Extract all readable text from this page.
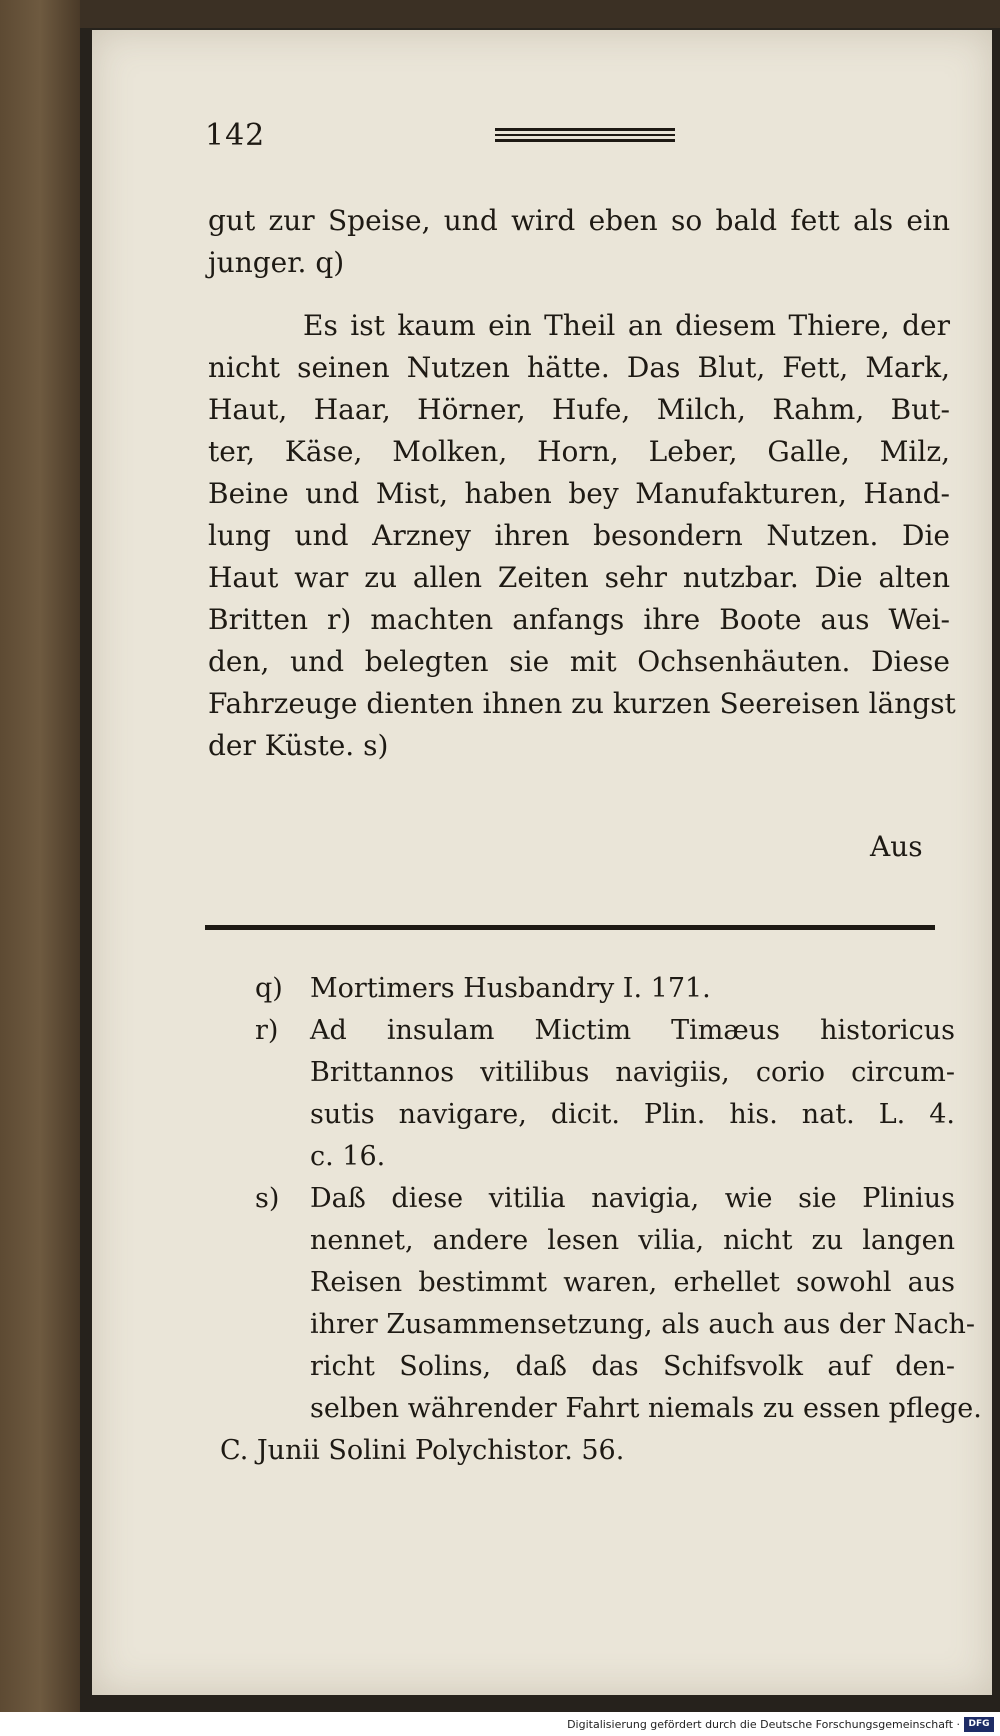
142
gut zur Speise, und wird eben so bald fett als ein
junger. q)
Es ist kaum ein Theil an diesem Thiere, der
nicht seinen Nutzen hätte. Das Blut, Fett, Mark,
Haut, Haar, Hörner, Hufe, Milch, Rahm, But-
ter, Käse, Molken, Horn, Leber, Galle, Milz,
Beine und Mist, haben bey Manufakturen, Hand-
lung und Arzney ihren besondern Nutzen. Die
Haut war zu allen Zeiten sehr nutzbar. Die alten
Britten r) machten anfangs ihre Boote aus Wei-
den, und belegten sie mit Ochsenhäuten. Diese
Fahrzeuge dienten ihnen zu kurzen Seereisen längst
der Küste. s)
Aus
q) Mortimers Husbandry I. 171.
r) Ad insulam Mictim Timæus historicus
Brittannos vitilibus navigiis, corio circum-
sutis navigare, dicit. Plin. his. nat. L. 4.
c. 16.
s) Daß diese vitilia navigia, wie sie Plinius
nennet, andere lesen vilia, nicht zu langen
Reisen bestimmt waren, erhellet sowohl aus
ihrer Zusammensetzung, als auch aus der Nach-
richt Solins, daß das Schifsvolk auf den-
selben währender Fahrt niemals zu essen pflege.
C. Junii Solini Polychistor. 56.
Digitalisierung gefördert durch die Deutsche Forschungsgemeinschaft · DFG
